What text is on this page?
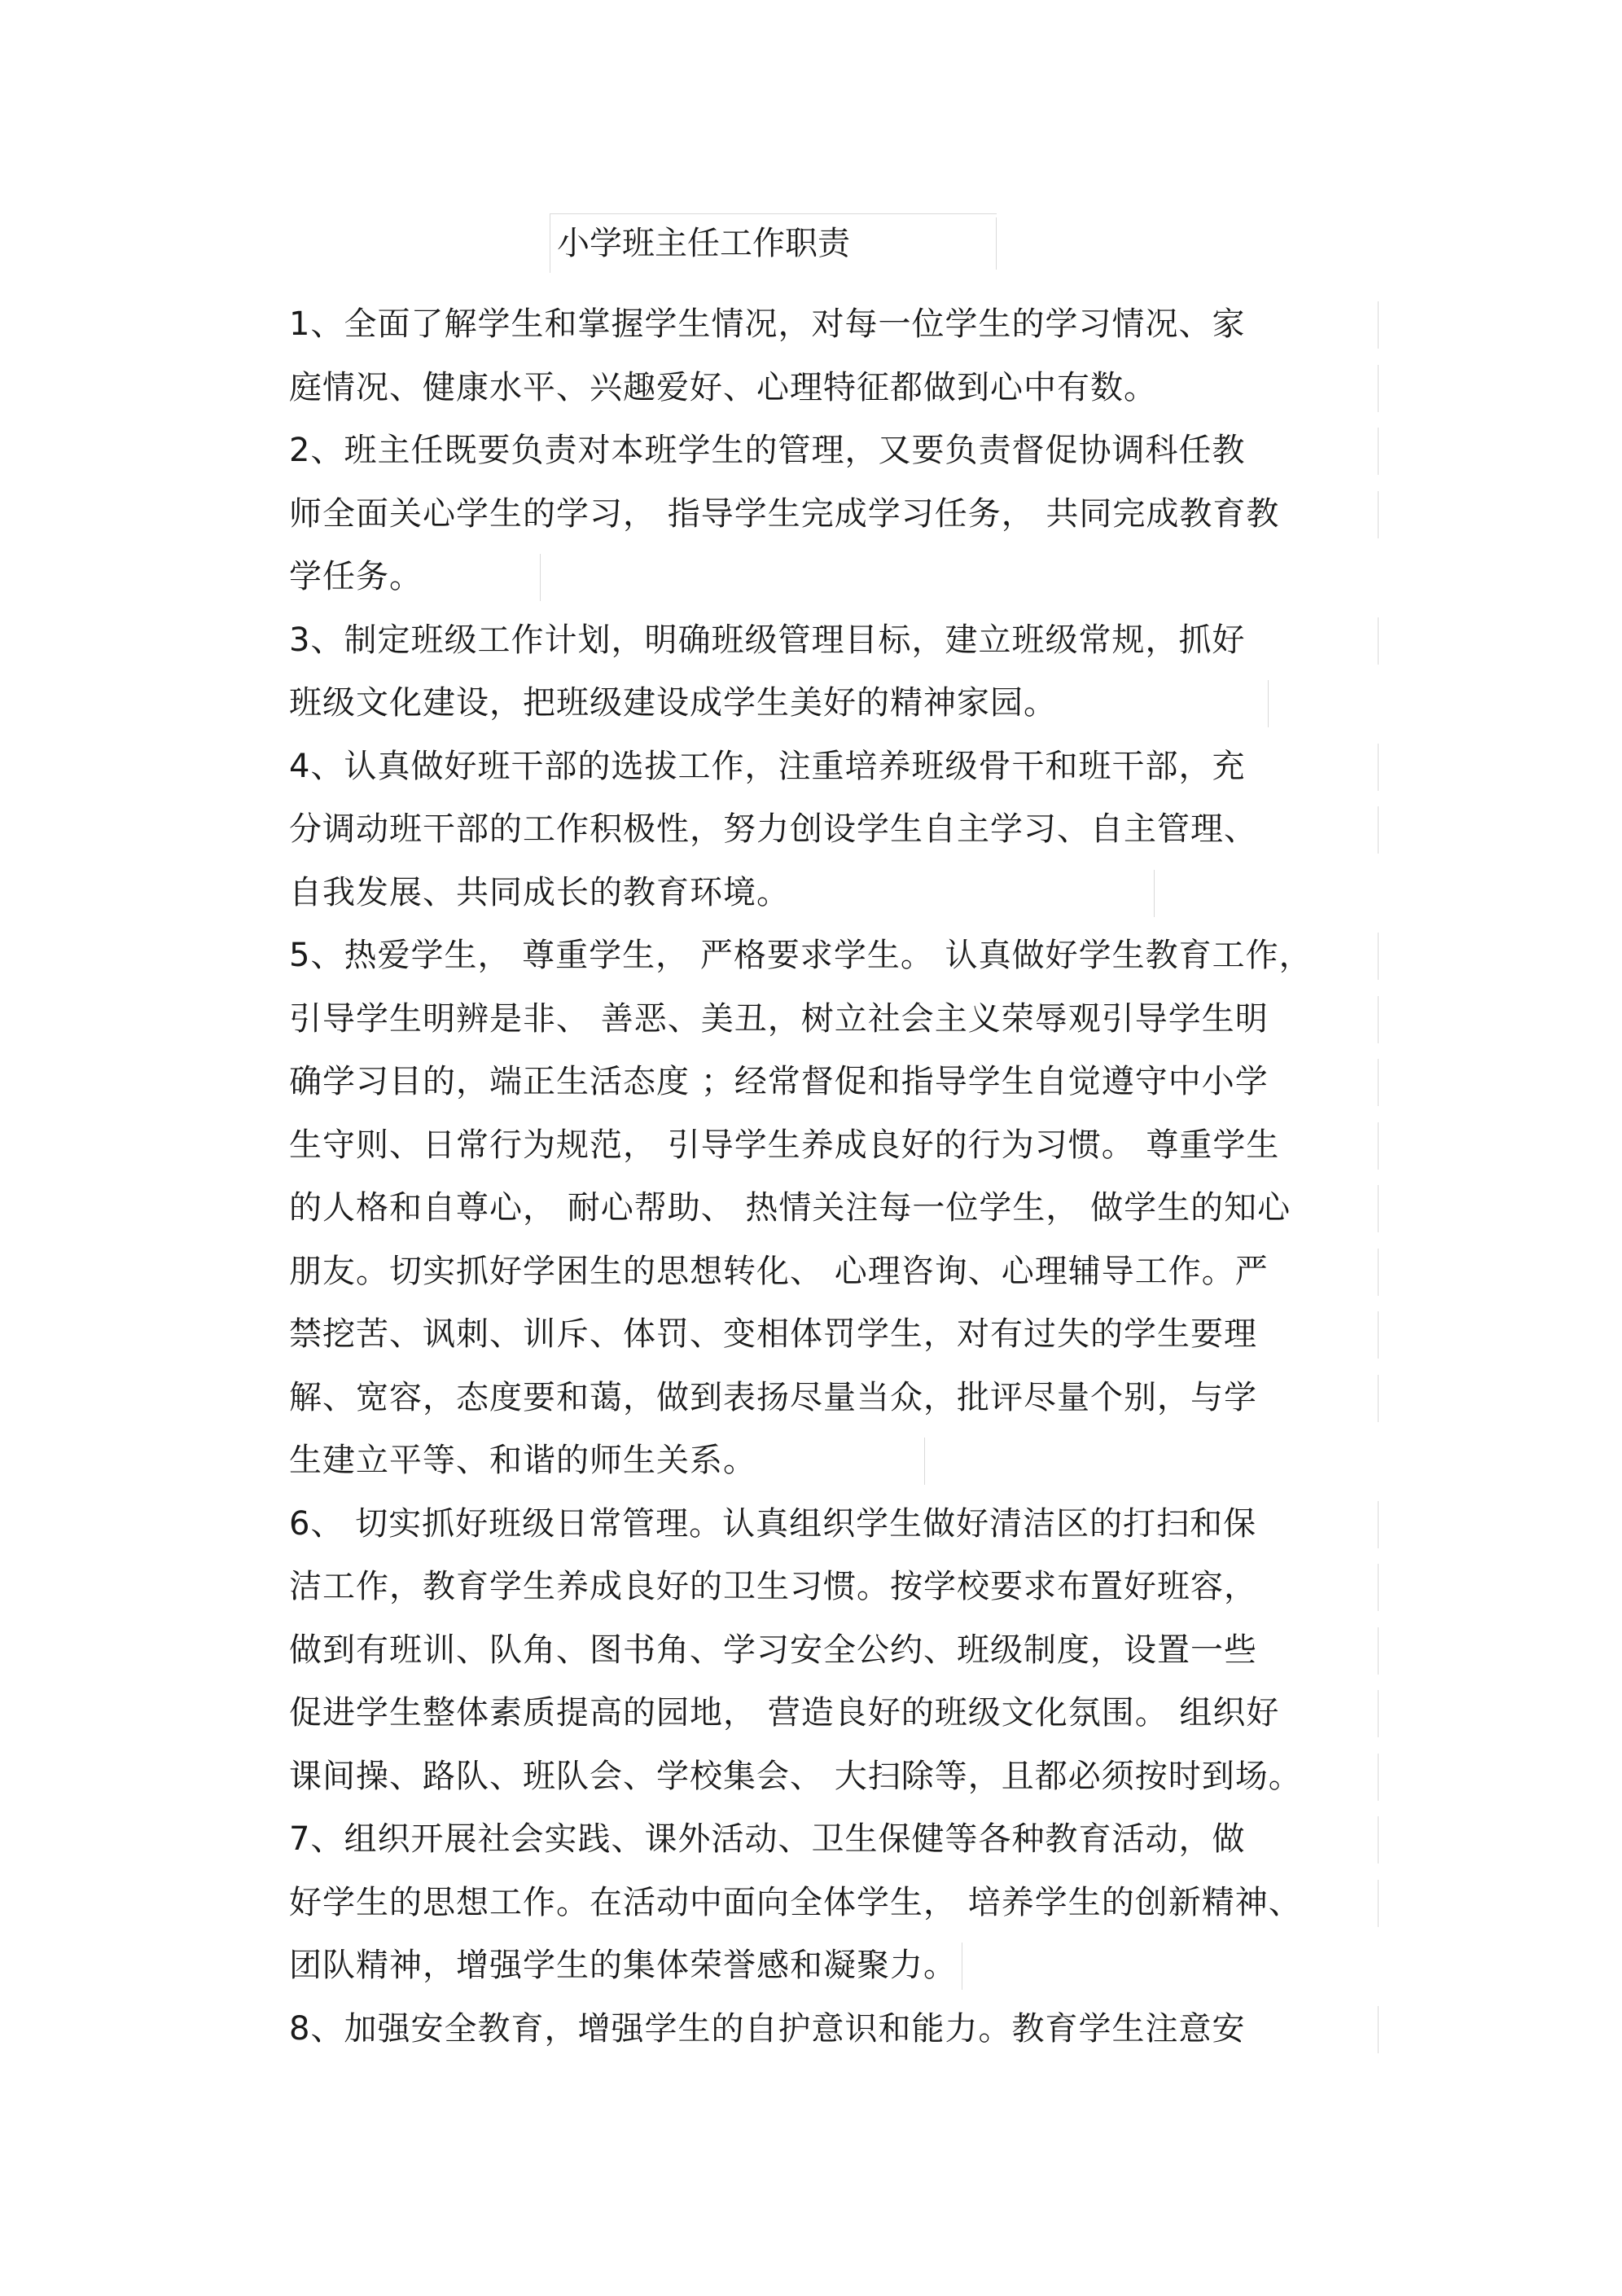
小学班主任工作职责
1、全面了解学生和掌握学生情况，对每一位学生的学习情况、家
庭情况、健康水平、兴趣爱好、心理特征都做到心中有数。
2、班主任既要负责对本班学生的管理，又要负责督促协调科任教
师全面关心学生的学习， 指导学生完成学习任务， 共同完成教育教
学任务。
3、制定班级工作计划，明确班级管理目标，建立班级常规，抓好
班级文化建设，把班级建设成学生美好的精神家园。
4、认真做好班干部的选拔工作，注重培养班级骨干和班干部，充
分调动班干部的工作积极性，努力创设学生自主学习、自主管理、
自我发展、共同成长的教育环境。
5、热爱学生， 尊重学生， 严格要求学生。 认真做好学生教育工作，
引导学生明辨是非、 善恶、美丑，树立社会主义荣辱观引导学生明
确学习目的，端正生活态度 ；经常督促和指导学生自觉遵守中小学
生守则、日常行为规范， 引导学生养成良好的行为习惯。 尊重学生
的人格和自尊心， 耐心帮助、 热情关注每一位学生， 做学生的知心
朋友。切实抓好学困生的思想转化、 心理咨询、心理辅导工作。严
禁挖苦、讽刺、训斥、体罚、变相体罚学生，对有过失的学生要理
解、宽容，态度要和蔼，做到表扬尽量当众，批评尽量个别，与学
生建立平等、和谐的师生关系。
6、 切实抓好班级日常管理。认真组织学生做好清洁区的打扫和保
洁工作，教育学生养成良好的卫生习惯。按学校要求布置好班容，
做到有班训、队角、图书角、学习安全公约、班级制度，设置一些
促进学生整体素质提高的园地， 营造良好的班级文化氛围。 组织好
课间操、路队、班队会、学校集会、 大扫除等，且都必须按时到场。
7、组织开展社会实践、课外活动、卫生保健等各种教育活动，做
好学生的思想工作。在活动中面向全体学生， 培养学生的创新精神、
团队精神，增强学生的集体荣誉感和凝聚力。
8、加强安全教育，增强学生的自护意识和能力。教育学生注意安
